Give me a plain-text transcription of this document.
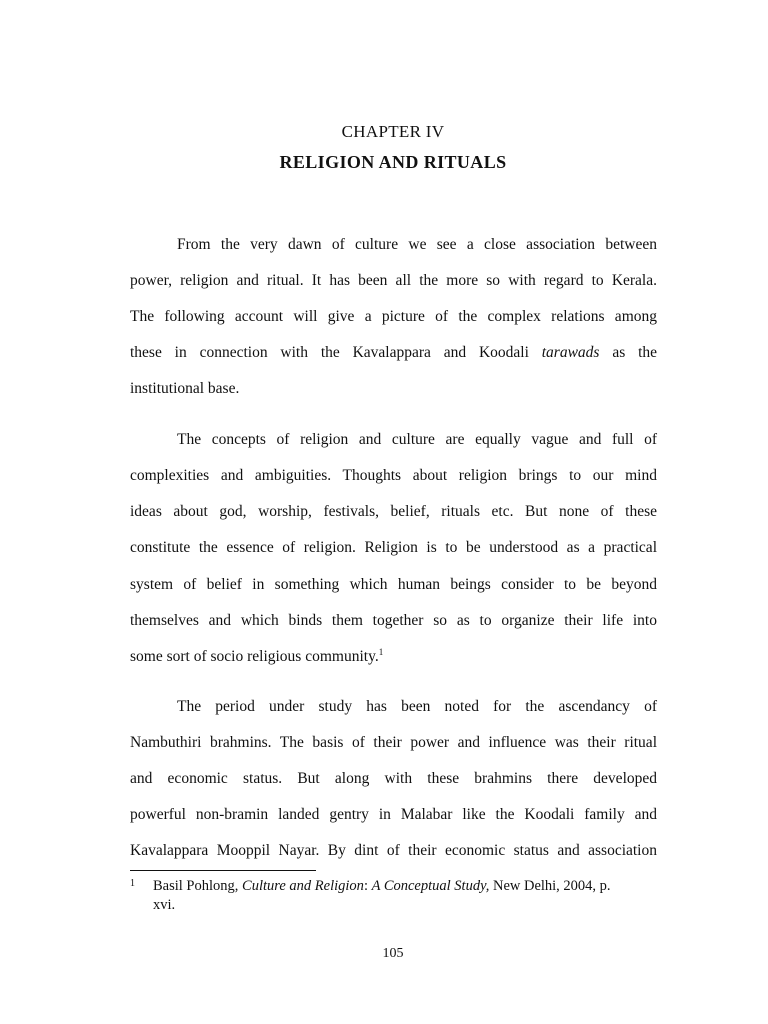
CHAPTER IV
RELIGION AND RITUALS
From the very dawn of culture we see a close association between
power, religion and ritual. It has been all the more so with regard to Kerala.
The following account will give a picture of the complex relations among
these in connection with the Kavalappara and Koodali tarawads as the
institutional base.
The concepts of religion and culture are equally vague and full of
complexities and ambiguities. Thoughts about religion brings to our mind
ideas about god, worship, festivals, belief, rituals etc. But none of these
constitute the essence of religion. Religion is to be understood as a practical
system of belief in something which human beings consider to be beyond
themselves and which binds them together so as to organize their life into
some sort of socio religious community.$^1$
The period under study has been noted for the ascendancy of
Nambuthiri brahmins. The basis of their power and influence was their ritual
and economic status. But along with these brahmins there developed
powerful non-bramin landed gentry in Malabar like the Koodali family and
Kavalappara Mooppil Nayar. By dint of their economic status and association
1 Basil Pohlong, Culture and Religion: A Conceptual Study, New Delhi, 2004, p.
xvi.
105
